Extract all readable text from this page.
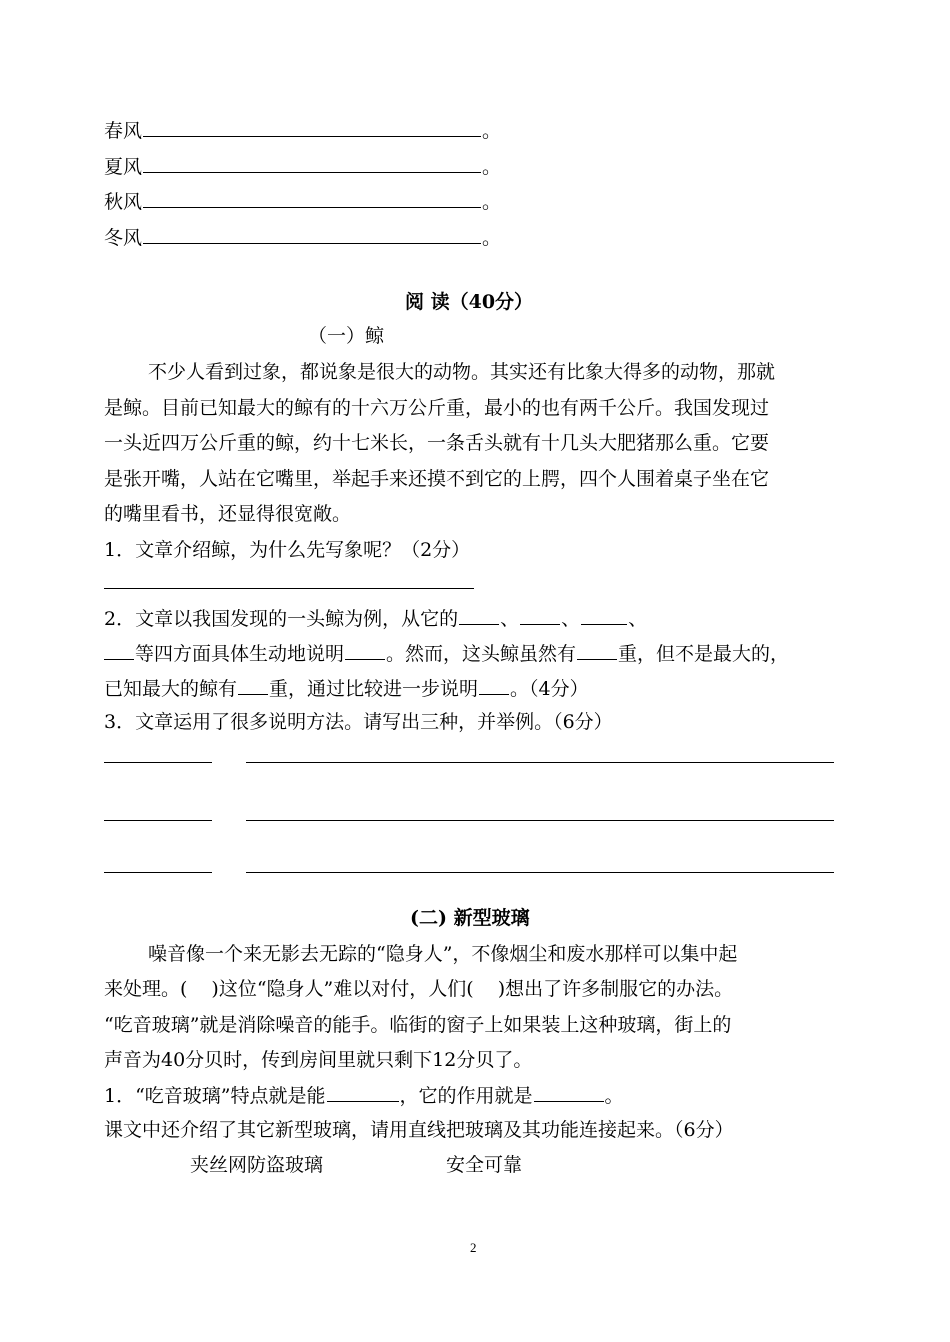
春风	。
夏风	。
秋风	。
冬风	。
阅 读（40分）
（一）鲸
不少人看到过象，都说象是很大的动物。其实还有比象大得多的动物，那就
是鲸。目前已知最大的鲸有的十六万公斤重，最小的也有两千公斤。我国发现过
一头近四万公斤重的鲸，约十七米长，一条舌头就有十几头大肥猪那么重。它要
是张开嘴，人站在它嘴里，举起手来还摸不到它的上腭，四个人围着桌子坐在它
的嘴里看书，还显得很宽敞。
1．文章介绍鲸，为什么先写象呢？（2分）
2．文章以我国发现的一头鲸为例，从它的 、 、	、
等四方面具体生动地说明 。然而，这头鲸虽然有 重，但不是最大的，
已知最大的鲸有 重，通过比较进一步说明 。（4分）
3．文章运用了很多说明方法。请写出三种，并举例。（6分）
(二) 新型玻璃
噪音像一个来无影去无踪的“隐身人”，不像烟尘和废水那样可以集中起
来处理。( )这位“隐身人”难以对付，人们( )想出了许多制服它的办法。
“吃音玻璃”就是消除噪音的能手。临街的窗子上如果装上这种玻璃，街上的
声音为40分贝时，传到房间里就只剩下12分贝了。
1．“吃音玻璃”特点就是能	，它的作用就是	。
课文中还介绍了其它新型玻璃，请用直线把玻璃及其功能连接起来。（6分）
夹丝网防盗玻璃	安全可靠
2
